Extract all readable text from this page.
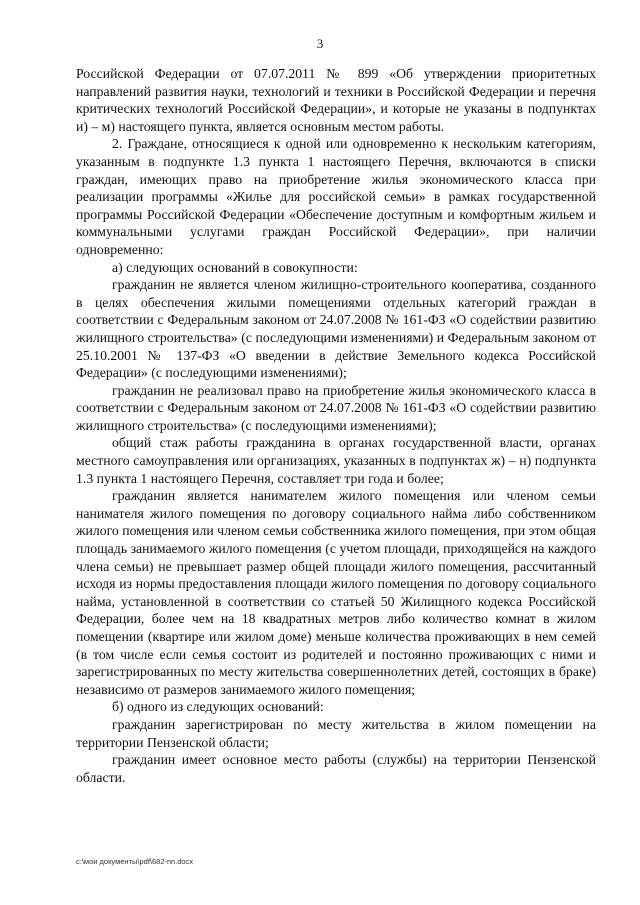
3

Российской Федерации от 07.07.2011 № 899 «Об утверждении приоритетных направлений развития науки, технологий и техники в Российской Федерации и перечня критических технологий Российской Федерации», и которые не указаны в подпунктах и) – м) настоящего пункта, является основным местом работы.

2. Граждане, относящиеся к одной или одновременно к нескольким категориям, указанным в подпункте 1.3 пункта 1 настоящего Перечня, включаются в списки граждан, имеющих право на приобретение жилья экономического класса при реализации программы «Жилье для российской семьи» в рамках государственной программы Российской Федерации «Обеспечение доступным и комфортным жильем и коммунальными услугами граждан Российской Федерации», при наличии одновременно:

а) следующих оснований в совокупности:

гражданин не является членом жилищно-строительного кооператива, созданного в целях обеспечения жилыми помещениями отдельных категорий граждан в соответствии с Федеральным законом от 24.07.2008 № 161-ФЗ «О содействии развитию жилищного строительства» (с последующими изменениями) и Федеральным законом от 25.10.2001 № 137-ФЗ «О введении в действие Земельного кодекса Российской Федерации» (с последующими изменениями);

гражданин не реализовал право на приобретение жилья экономического класса в соответствии с Федеральным законом от 24.07.2008 № 161-ФЗ «О содействии развитию жилищного строительства» (с последующими изменениями);

общий стаж работы гражданина в органах государственной власти, органах местного самоуправления или организациях, указанных в подпунктах ж) – н) подпункта 1.3 пункта 1 настоящего Перечня, составляет три года и более;

гражданин является нанимателем жилого помещения или членом семьи нанимателя жилого помещения по договору социального найма либо собственником жилого помещения или членом семьи собственника жилого помещения, при этом общая площадь занимаемого жилого помещения (с учетом площади, приходящейся на каждого члена семьи) не превышает размер общей площади жилого помещения, рассчитанный исходя из нормы предоставления площади жилого помещения по договору социального найма, установленной в соответствии со статьей 50 Жилищного кодекса Российской Федерации, более чем на 18 квадратных метров либо количество комнат в жилом помещении (квартире или жилом доме) меньше количества проживающих в нем семей (в том числе если семья состоит из родителей и постоянно проживающих с ними и зарегистрированных по месту жительства совершеннолетних детей, состоящих в браке) независимо от размеров занимаемого жилого помещения;

б) одного из следующих оснований:

гражданин зарегистрирован по месту жительства в жилом помещении на территории Пензенской области;

гражданин имеет основное место работы (службы) на территории Пензенской области.

c:\мои документы\pdf\682-пп.docx
